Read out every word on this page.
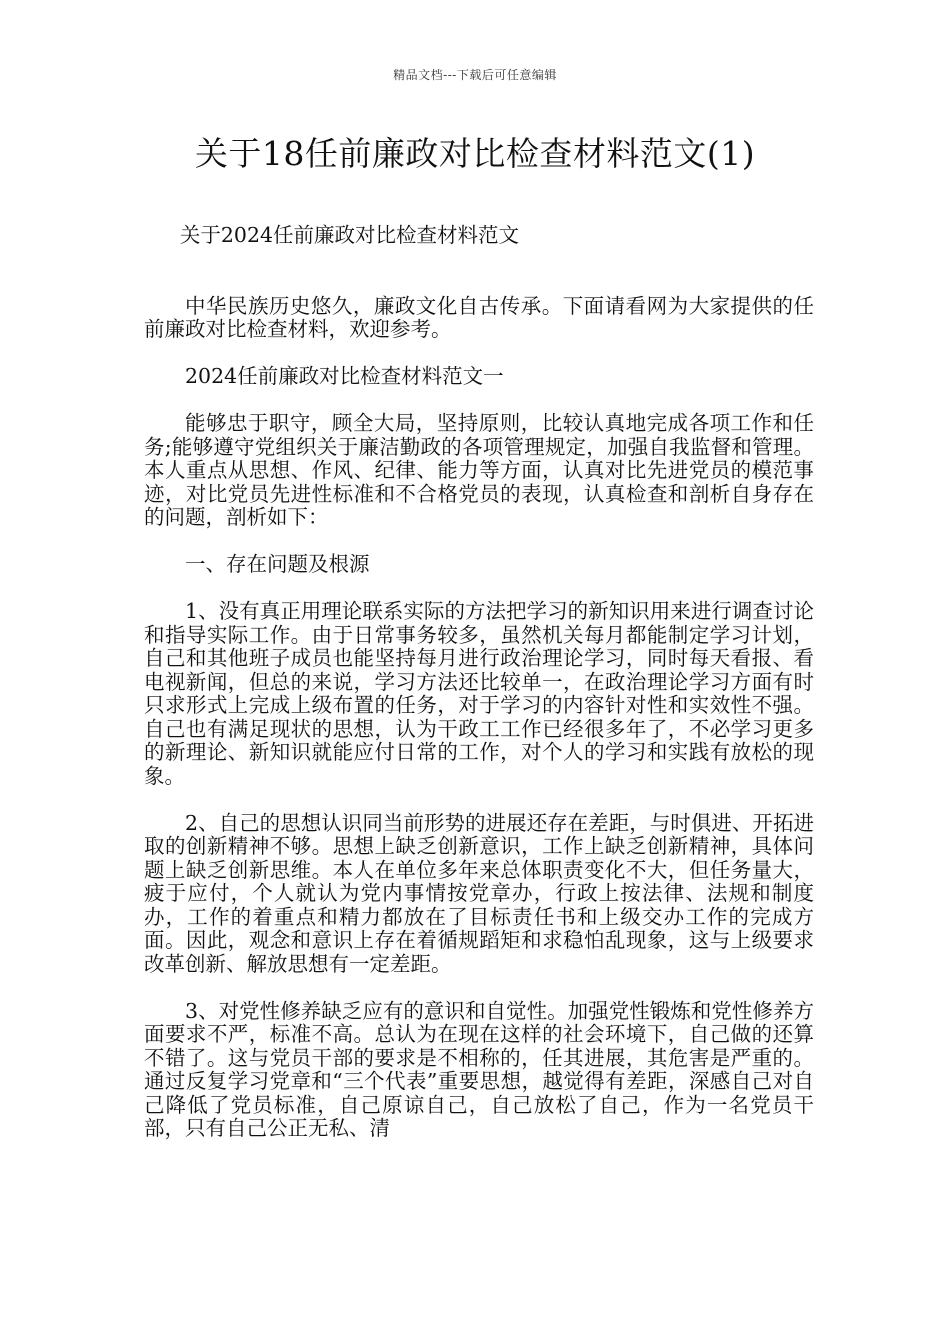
精品文档---下载后可任意编辑
关于18任前廉政对比检查材料范文(1)

关于2024任前廉政对比检查材料范文

中华民族历史悠久，廉政文化自古传承。下面请看网为大家提供的任前廉政对比检查材料，欢迎参考。

2024任前廉政对比检查材料范文一

能够忠于职守，顾全大局，坚持原则，比较认真地完成各项工作和任务;能够遵守党组织关于廉洁勤政的各项管理规定，加强自我监督和管理。本人重点从思想、作风、纪律、能力等方面，认真对比先进党员的模范事迹，对比党员先进性标准和不合格党员的表现，认真检查和剖析自身存在的问题，剖析如下：

一、存在问题及根源

1、没有真正用理论联系实际的方法把学习的新知识用来进行调查讨论和指导实际工作。由于日常事务较多，虽然机关每月都能制定学习计划，自己和其他班子成员也能坚持每月进行政治理论学习，同时每天看报、看电视新闻，但总的来说，学习方法还比较单一，在政治理论学习方面有时只求形式上完成上级布置的任务，对于学习的内容针对性和实效性不强。自己也有满足现状的思想，认为干政工工作已经很多年了，不必学习更多的新理论、新知识就能应付日常的工作，对个人的学习和实践有放松的现象。

2、自己的思想认识同当前形势的进展还存在差距，与时俱进、开拓进取的创新精神不够。思想上缺乏创新意识，工作上缺乏创新精神，具体问题上缺乏创新思维。本人在单位多年来总体职责变化不大，但任务量大，疲于应付，个人就认为党内事情按党章办，行政上按法律、法规和制度办，工作的着重点和精力都放在了目标责任书和上级交办工作的完成方面。因此，观念和意识上存在着循规蹈矩和求稳怕乱现象，这与上级要求改革创新、解放思想有一定差距。

3、对党性修养缺乏应有的意识和自觉性。加强党性锻炼和党性修养方面要求不严，标准不高。总认为在现在这样的社会环境下，自己做的还算不错了。这与党员干部的要求是不相称的，任其进展，其危害是严重的。通过反复学习党章和“三个代表”重要思想，越觉得有差距，深感自己对自己降低了党员标准，自己原谅自己，自己放松了自己，作为一名党员干部，只有自己公正无私、清
